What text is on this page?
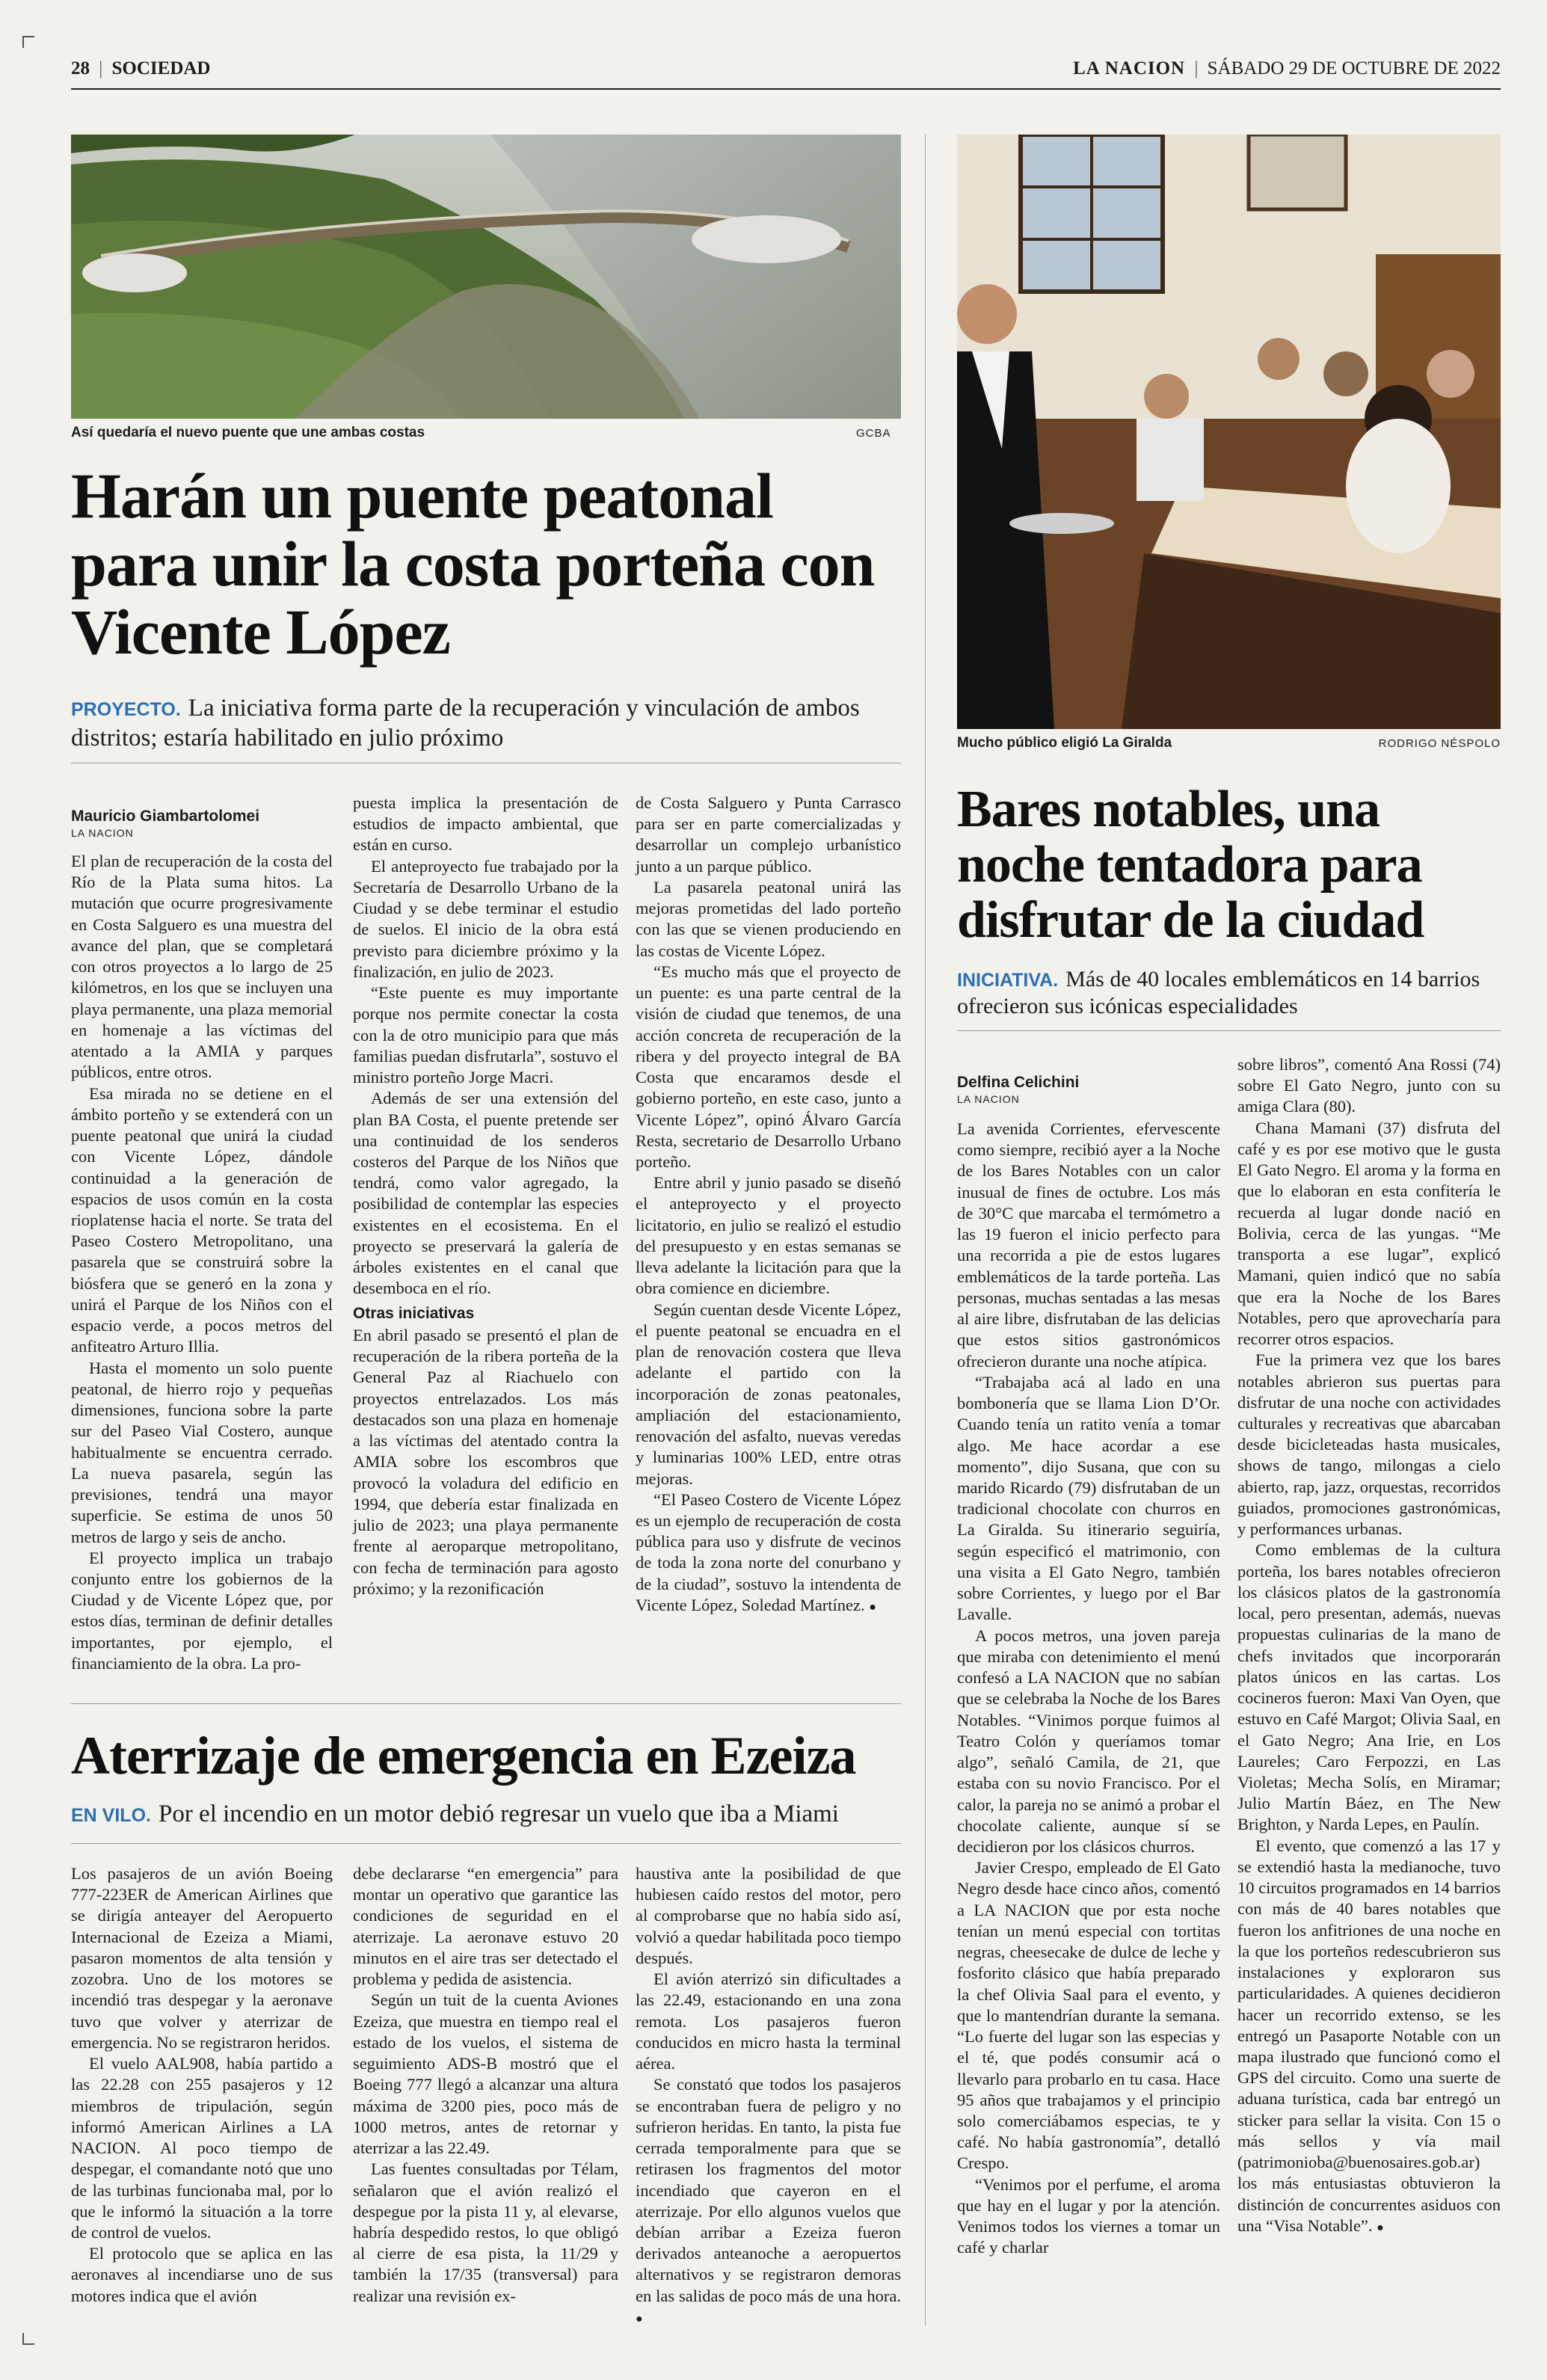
28 | SOCIEDAD	LA NACION | SÁBADO 29 DE OCTUBRE DE 2022
Así quedaría el nuevo puente que une ambas costas	GCBA
Harán un puente peatonal para unir la costa porteña con Vicente López
PROYECTO. La iniciativa forma parte de la recuperación y vinculación de ambos distritos; estaría habilitado en julio próximo
Mauricio Giambartolomei
LA NACION

El plan de recuperación de la costa del Río de la Plata suma hitos. La mutación que ocurre progresivamente en Costa Salguero es una muestra del avance del plan, que se completará con otros proyectos a lo largo de 25 kilómetros, en los que se incluyen una playa permanente, una plaza memorial en homenaje a las víctimas del atentado a la AMIA y parques públicos, entre otros.

Esa mirada no se detiene en el ámbito porteño y se extenderá con un puente peatonal que unirá la ciudad con Vicente López, dándole continuidad a la generación de espacios de usos común en la costa rioplatense hacia el norte. Se trata del Paseo Costero Metropolitano, una pasarela que se construirá sobre la biósfera que se generó en la zona y unirá el Parque de los Niños con el espacio verde, a pocos metros del anfiteatro Arturo Illia.

Hasta el momento un solo puente peatonal, de hierro rojo y pequeñas dimensiones, funciona sobre la parte sur del Paseo Vial Costero, aunque habitualmente se encuentra cerrado. La nueva pasarela, según las previsiones, tendrá una mayor superficie. Se estima de unos 50 metros de largo y seis de ancho.

El proyecto implica un trabajo conjunto entre los gobiernos de la Ciudad y de Vicente López que, por estos días, terminan de definir detalles importantes, por ejemplo, el financiamiento de la obra. La pro-

puesta implica la presentación de estudios de impacto ambiental, que están en curso.

El anteproyecto fue trabajado por la Secretaría de Desarrollo Urbano de la Ciudad y se debe terminar el estudio de suelos. El inicio de la obra está previsto para diciembre próximo y la finalización, en julio de 2023.

“Este puente es muy importante porque nos permite conectar la costa con la de otro municipio para que más familias puedan disfrutarla”, sostuvo el ministro porteño Jorge Macri.

Además de ser una extensión del plan BA Costa, el puente pretende ser una continuidad de los senderos costeros del Parque de los Niños que tendrá, como valor agregado, la posibilidad de contemplar las especies existentes en el ecosistema. En el proyecto se preservará la galería de árboles existentes en el canal que desemboca en el río.

Otras iniciativas

En abril pasado se presentó el plan de recuperación de la ribera porteña de la General Paz al Riachuelo con proyectos entrelazados. Los más destacados son una plaza en homenaje a las víctimas del atentado contra la AMIA sobre los escombros que provocó la voladura del edificio en 1994, que debería estar finalizada en julio de 2023; una playa permanente frente al aeroparque metropolitano, con fecha de terminación para agosto próximo; y la rezonificación

de Costa Salguero y Punta Carrasco para ser en parte comercializadas y desarrollar un complejo urbanístico junto a un parque público.

La pasarela peatonal unirá las mejoras prometidas del lado porteño con las que se vienen produciendo en las costas de Vicente López.

“Es mucho más que el proyecto de un puente: es una parte central de la visión de ciudad que tenemos, de una acción concreta de recuperación de la ribera y del proyecto integral de BA Costa que encaramos desde el gobierno porteño, en este caso, junto a Vicente López”, opinó Álvaro García Resta, secretario de Desarrollo Urbano porteño.

Entre abril y junio pasado se diseñó el anteproyecto y el proyecto licitatorio, en julio se realizó el estudio del presupuesto y en estas semanas se lleva adelante la licitación para que la obra comience en diciembre.

Según cuentan desde Vicente López, el puente peatonal se encuadra en el plan de renovación costera que lleva adelante el partido con la incorporación de zonas peatonales, ampliación del estacionamiento, renovación del asfalto, nuevas veredas y luminarias 100% LED, entre otras mejoras.

“El Paseo Costero de Vicente López es un ejemplo de recuperación de costa pública para uso y disfrute de vecinos de toda la zona norte del conurbano y de la ciudad”, sostuvo la intendenta de Vicente López, Soledad Martínez. ●

Aterrizaje de emergencia en Ezeiza
EN VILO. Por el incendio en un motor debió regresar un vuelo que iba a Miami

Los pasajeros de un avión Boeing 777-223ER de American Airlines que se dirigía anteayer del Aeropuerto Internacional de Ezeiza a Miami, pasaron momentos de alta tensión y zozobra. Uno de los motores se incendió tras despegar y la aeronave tuvo que volver y aterrizar de emergencia. No se registraron heridos.

El vuelo AAL908, había partido a las 22.28 con 255 pasajeros y 12 miembros de tripulación, según informó American Airlines a LA NACION. Al poco tiempo de despegar, el comandante notó que uno de las turbinas funcionaba mal, por lo que le informó la situación a la torre de control de vuelos.

El protocolo que se aplica en las aeronaves al incendiarse uno de sus motores indica que el avión

debe declararse “en emergencia” para montar un operativo que garantice las condiciones de seguridad en el aterrizaje. La aeronave estuvo 20 minutos en el aire tras ser detectado el problema y pedida de asistencia.

Según un tuit de la cuenta Aviones Ezeiza, que muestra en tiempo real el estado de los vuelos, el sistema de seguimiento ADS-B mostró que el Boeing 777 llegó a alcanzar una altura máxima de 3200 pies, poco más de 1000 metros, antes de retornar y aterrizar a las 22.49.

Las fuentes consultadas por Télam, señalaron que el avión realizó el despegue por la pista 11 y, al elevarse, habría despedido restos, lo que obligó al cierre de esa pista, la 11/29 y también la 17/35 (transversal) para realizar una revisión ex-

haustiva ante la posibilidad de que hubiesen caído restos del motor, pero al comprobarse que no había sido así, volvió a quedar habilitada poco tiempo después.

El avión aterrizó sin dificultades a las 22.49, estacionando en una zona remota. Los pasajeros fueron conducidos en micro hasta la terminal aérea.

Se constató que todos los pasajeros se encontraban fuera de peligro y no sufrieron heridas. En tanto, la pista fue cerrada temporalmente para que se retirasen los fragmentos del motor incendiado que cayeron en el aterrizaje. Por ello algunos vuelos que debían arribar a Ezeiza fueron derivados anteanoche a aeropuertos alternativos y se registraron demoras en las salidas de poco más de una hora. ●

Mucho público eligió La Giralda	RODRIGO NÉSPOLO
Bares notables, una noche tentadora para disfrutar de la ciudad
INICIATIVA. Más de 40 locales emblemáticos en 14 barrios ofrecieron sus icónicas especialidades
Delfina Celichini
LA NACION

La avenida Corrientes, efervescente como siempre, recibió ayer a la Noche de los Bares Notables con un calor inusual de fines de octubre. Los más de 30°C que marcaba el termómetro a las 19 fueron el inicio perfecto para una recorrida a pie de estos lugares emblemáticos de la tarde porteña. Las personas, muchas sentadas a las mesas al aire libre, disfrutaban de las delicias que estos sitios gastronómicos ofrecieron durante una noche atípica.

“Trabajaba acá al lado en una bombonería que se llama Lion D’Or. Cuando tenía un ratito venía a tomar algo. Me hace acordar a ese momento”, dijo Susana, que con su marido Ricardo (79) disfrutaban de un tradicional chocolate con churros en La Giralda. Su itinerario seguiría, según especificó el matrimonio, con una visita a El Gato Negro, también sobre Corrientes, y luego por el Bar Lavalle.

A pocos metros, una joven pareja que miraba con detenimiento el menú confesó a LA NACION que no sabían que se celebraba la Noche de los Bares Notables. “Vinimos porque fuimos al Teatro Colón y queríamos tomar algo”, señaló Camila, de 21, que estaba con su novio Francisco. Por el calor, la pareja no se animó a probar el chocolate caliente, aunque sí se decidieron por los clásicos churros.

Javier Crespo, empleado de El Gato Negro desde hace cinco años, comentó a LA NACION que por esta noche tenían un menú especial con tortitas negras, cheesecake de dulce de leche y fosforito clásico que había preparado la chef Olivia Saal para el evento, y que lo mantendrían durante la semana. “Lo fuerte del lugar son las especias y el té, que podés consumir acá o llevarlo para probarlo en tu casa. Hace 95 años que trabajamos y el principio solo comerciábamos especias, te y café. No había gastronomía”, detalló Crespo.

“Venimos por el perfume, el aroma que hay en el lugar y por la atención. Venimos todos los viernes a tomar un café y charlar

sobre libros”, comentó Ana Rossi (74) sobre El Gato Negro, junto con su amiga Clara (80).

Chana Mamani (37) disfruta del café y es por ese motivo que le gusta El Gato Negro. El aroma y la forma en que lo elaboran en esta confitería le recuerda al lugar donde nació en Bolivia, cerca de las yungas. “Me transporta a ese lugar”, explicó Mamani, quien indicó que no sabía que era la Noche de los Bares Notables, pero que aprovecharía para recorrer otros espacios.

Fue la primera vez que los bares notables abrieron sus puertas para disfrutar de una noche con actividades culturales y recreativas que abarcaban desde bicicleteadas hasta musicales, shows de tango, milongas a cielo abierto, rap, jazz, orquestas, recorridos guiados, promociones gastronómicas, y performances urbanas.

Como emblemas de la cultura porteña, los bares notables ofrecieron los clásicos platos de la gastronomía local, pero presentan, además, nuevas propuestas culinarias de la mano de chefs invitados que incorporarán platos únicos en las cartas. Los cocineros fueron: Maxi Van Oyen, que estuvo en Café Margot; Olivia Saal, en el Gato Negro; Ana Irie, en Los Laureles; Caro Ferpozzi, en Las Violetas; Mecha Solís, en Miramar; Julio Martín Báez, en The New Brighton, y Narda Lepes, en Paulín.

El evento, que comenzó a las 17 y se extendió hasta la medianoche, tuvo 10 circuitos programados en 14 barrios con más de 40 bares notables que fueron los anfitriones de una noche en la que los porteños redescubrieron sus instalaciones y exploraron sus particularidades. A quienes decidieron hacer un recorrido extenso, se les entregó un Pasaporte Notable con un mapa ilustrado que funcionó como el GPS del circuito. Como una suerte de aduana turística, cada bar entregó un sticker para sellar la visita. Con 15 o más sellos y vía mail (patrimonioba@buenosaires.gob.ar) los más entusiastas obtuvieron la distinción de concurrentes asiduos con una “Visa Notable”. ●
